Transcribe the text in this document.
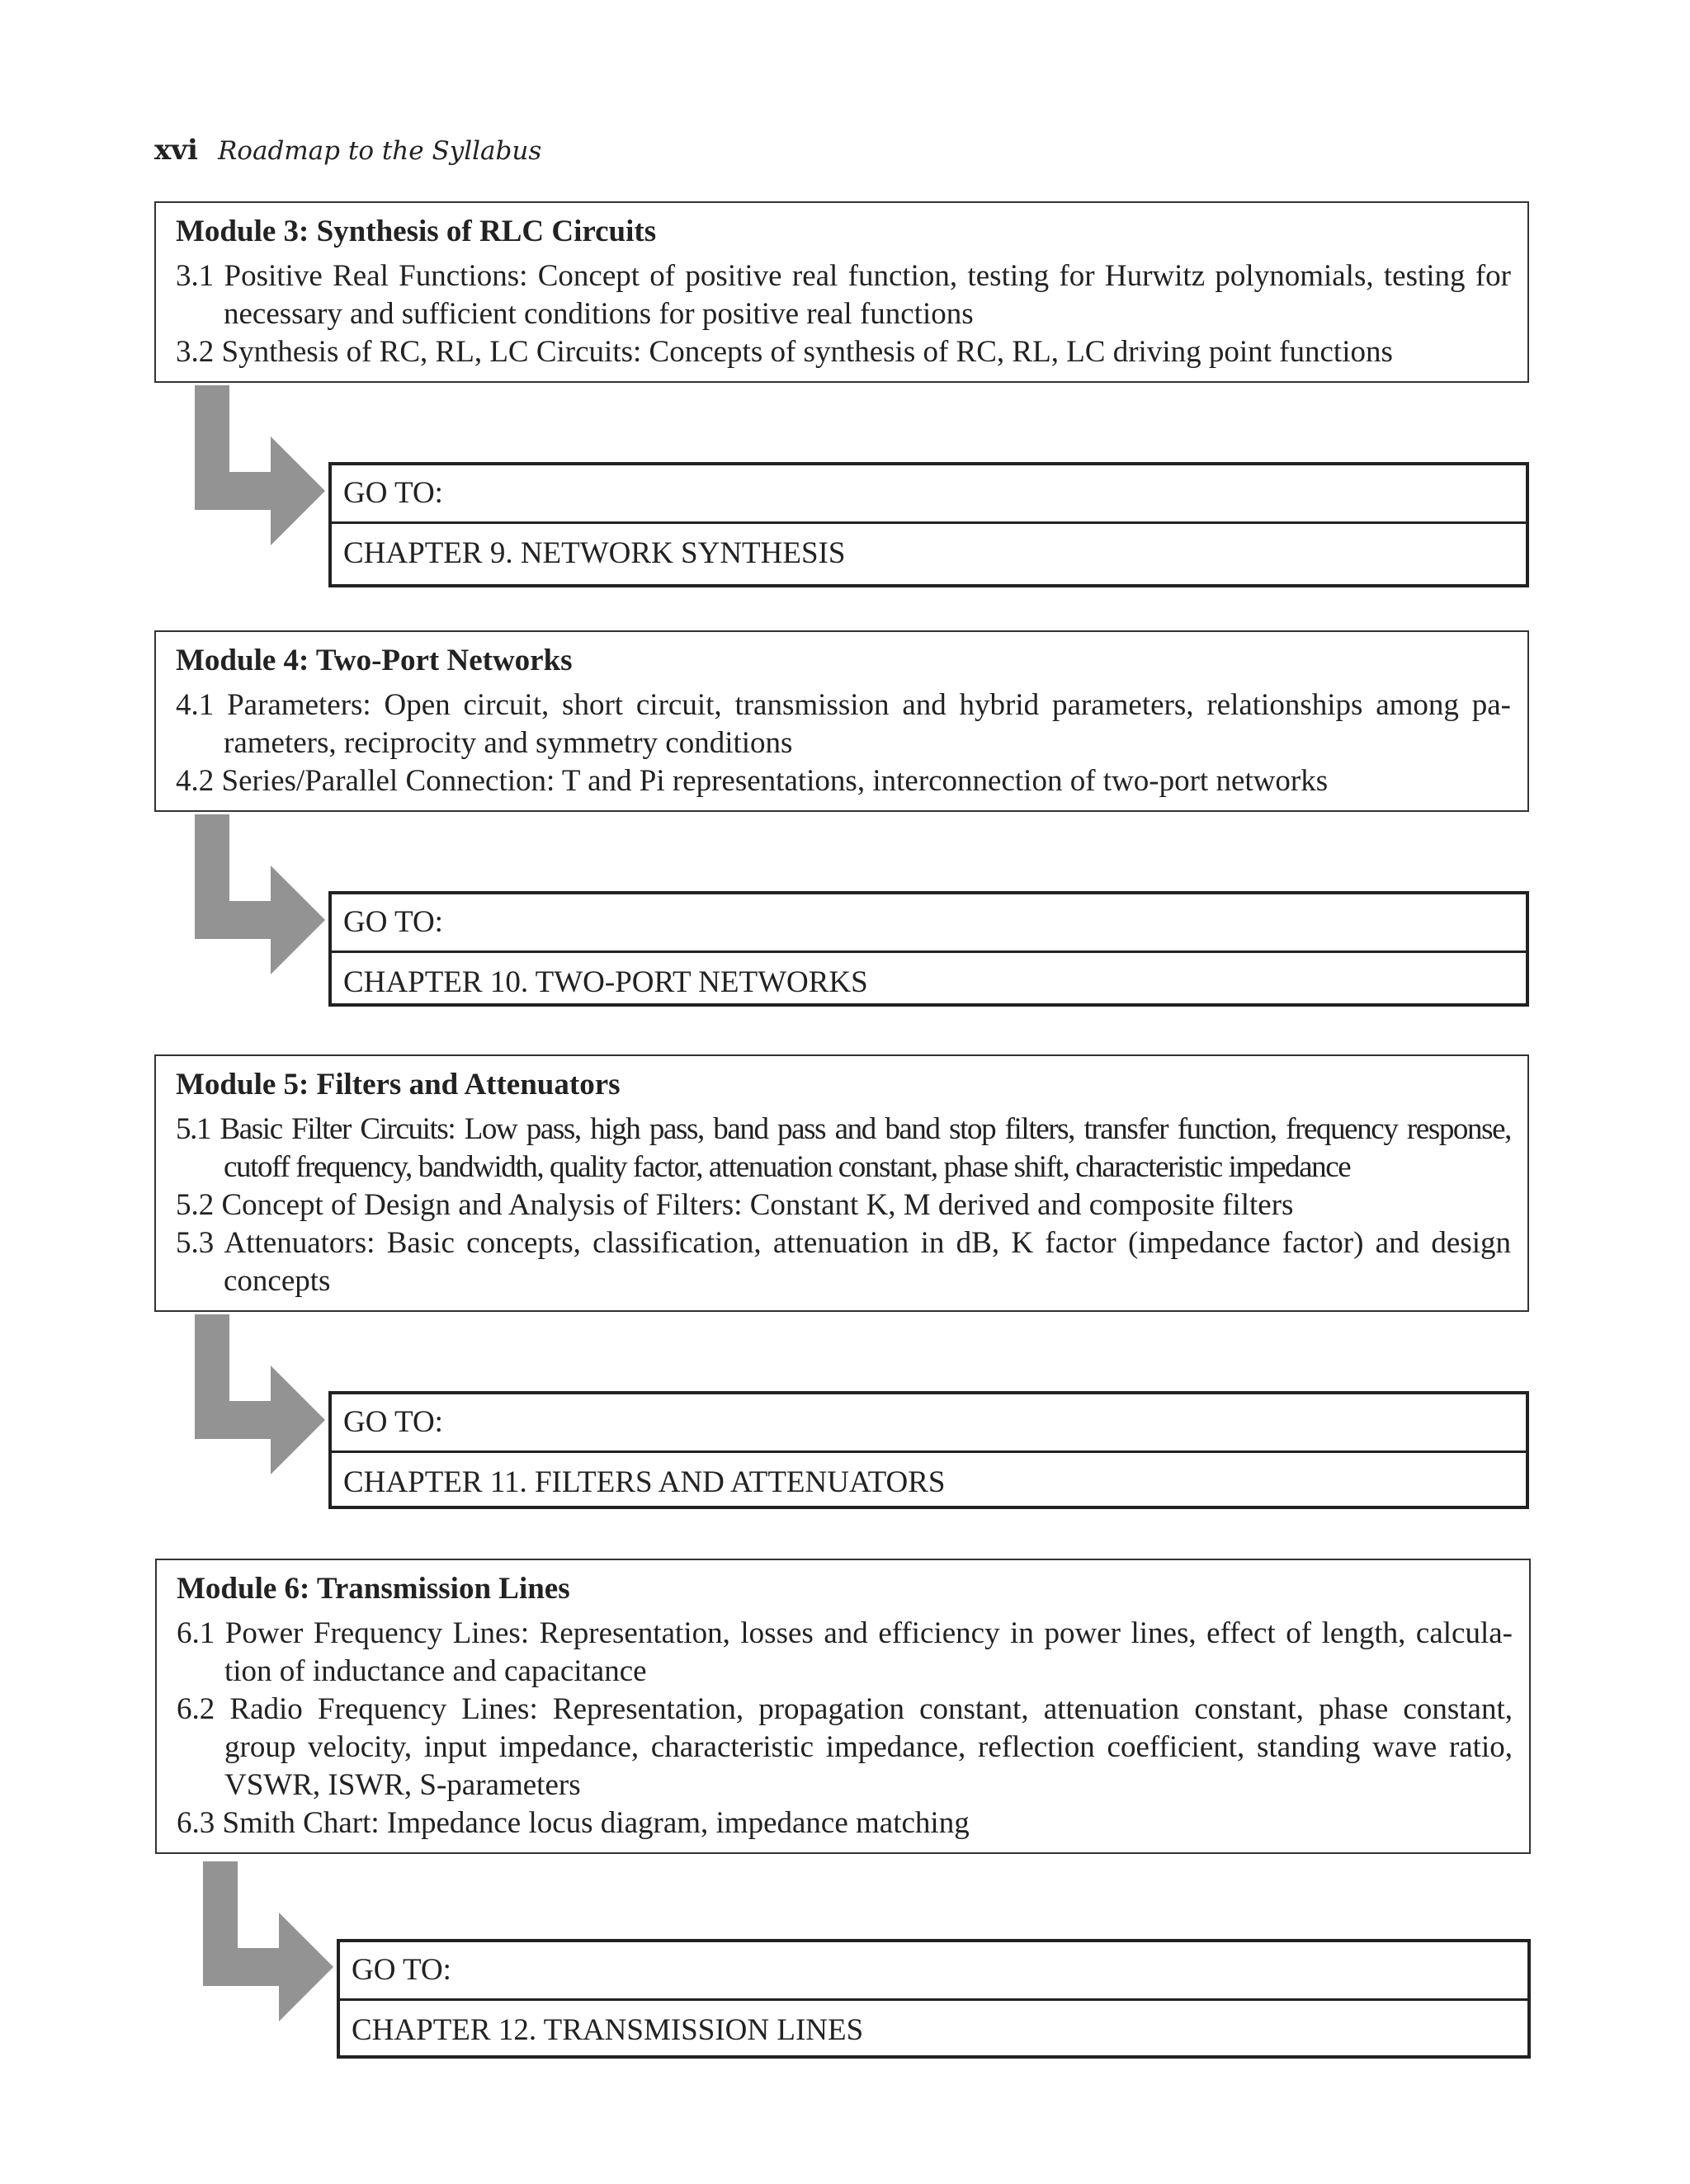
xvi Roadmap to the Syllabus
Module 3: Synthesis of RLC Circuits
3.1 Positive Real Functions: Concept of positive real function, testing for Hurwitz polynomials, testing for necessary and sufficient conditions for positive real functions
3.2 Synthesis of RC, RL, LC Circuits: Concepts of synthesis of RC, RL, LC driving point functions
GO TO:
CHAPTER 9. NETWORK SYNTHESIS
Module 4: Two-Port Networks
4.1 Parameters: Open circuit, short circuit, transmission and hybrid parameters, relationships among pa-rameters, reciprocity and symmetry conditions
4.2 Series/Parallel Connection: T and Pi representations, interconnection of two-port networks
GO TO:
CHAPTER 10. TWO-PORT NETWORKS
Module 5: Filters and Attenuators
5.1 Basic Filter Circuits: Low pass, high pass, band pass and band stop filters, transfer function, frequency response, cutoff frequency, bandwidth, quality factor, attenuation constant, phase shift, characteristic impedance
5.2 Concept of Design and Analysis of Filters: Constant K, M derived and composite filters
5.3 Attenuators: Basic concepts, classification, attenuation in dB, K factor (impedance factor) and design concepts
GO TO:
CHAPTER 11. FILTERS AND ATTENUATORS
Module 6: Transmission Lines
6.1 Power Frequency Lines: Representation, losses and efficiency in power lines, effect of length, calcula-tion of inductance and capacitance
6.2 Radio Frequency Lines: Representation, propagation constant, attenuation constant, phase constant, group velocity, input impedance, characteristic impedance, reflection coefficient, standing wave ratio, VSWR, ISWR, S-parameters
6.3 Smith Chart: Impedance locus diagram, impedance matching
GO TO:
CHAPTER 12. TRANSMISSION LINES
